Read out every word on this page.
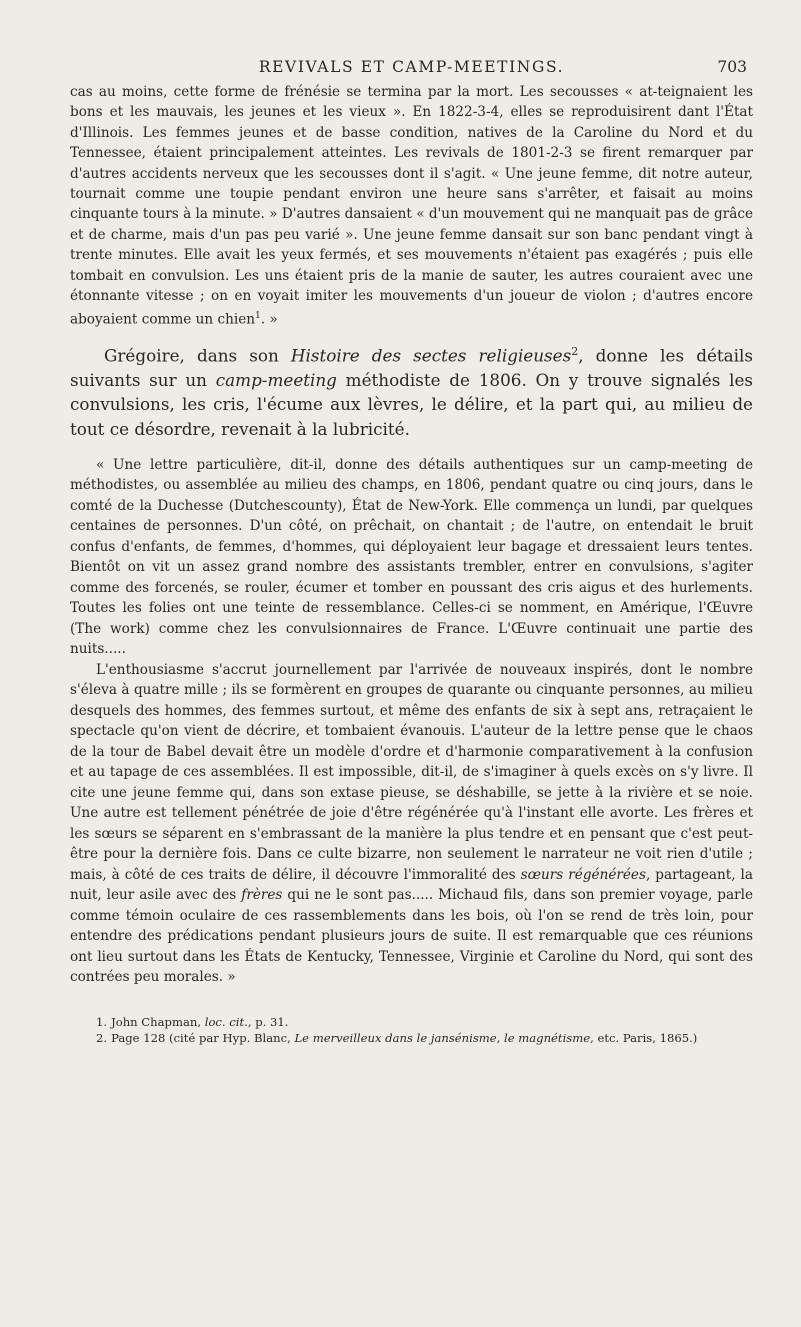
REVIVALS ET CAMP-MEETINGS.	703

cas au moins, cette forme de frénésie se termina par la mort. Les secousses « at-teignaient les bons et les mauvais, les jeunes et les vieux ». En 1822-3-4, elles se reproduisirent dant l'État d'Illinois. Les femmes jeunes et de basse condition, natives de la Caroline du Nord et du Tennessee, étaient principalement atteintes. Les revivals de 1801-2-3 se firent remarquer par d'autres accidents nerveux que les secousses dont il s'agit. « Une jeune femme, dit notre auteur, tournait comme une toupie pendant environ une heure sans s'arrêter, et faisait au moins cinquante tours à la minute. » D'autres dansaient « d'un mouvement qui ne manquait pas de grâce et de charme, mais d'un pas peu varié ». Une jeune femme dansait sur son banc pendant vingt à trente minutes. Elle avait les yeux fermés, et ses mouvements n'étaient pas exagérés ; puis elle tombait en convulsion. Les uns étaient pris de la manie de sauter, les autres couraient avec une étonnante vitesse ; on en voyait imiter les mouvements d'un joueur de violon ; d'autres encore aboyaient comme un chien$^1$. »

Grégoire, dans son Histoire des sectes religieuses$^2$, donne les détails suivants sur un camp-meeting méthodiste de 1806. On y trouve signalés les convulsions, les cris, l'écume aux lèvres, le délire, et la part qui, au milieu de tout ce désordre, revenait à la lubricité.

« Une lettre particulière, dit-il, donne des détails authentiques sur un camp-meeting de méthodistes, ou assemblée au milieu des champs, en 1806, pendant quatre ou cinq jours, dans le comté de la Duchesse (Dutchescounty), État de New-York. Elle commença un lundi, par quelques centaines de personnes. D'un côté, on prêchait, on chantait ; de l'autre, on entendait le bruit confus d'enfants, de femmes, d'hommes, qui déployaient leur bagage et dressaient leurs tentes. Bientôt on vit un assez grand nombre des assistants trembler, entrer en convulsions, s'agiter comme des forcenés, se rouler, écumer et tomber en poussant des cris aigus et des hurlements. Toutes les folies ont une teinte de ressemblance. Celles-ci se nomment, en Amérique, l'Œuvre (The work) comme chez les convulsionnaires de France. L'Œuvre continuait une partie des nuits.....

L'enthousiasme s'accrut journellement par l'arrivée de nouveaux inspirés, dont le nombre s'éleva à quatre mille ; ils se formèrent en groupes de quarante ou cinquante personnes, au milieu desquels des hommes, des femmes surtout, et même des enfants de six à sept ans, retraçaient le spectacle qu'on vient de décrire, et tombaient évanouis. L'auteur de la lettre pense que le chaos de la tour de Babel devait être un modèle d'ordre et d'harmonie comparativement à la confusion et au tapage de ces assemblées. Il est impossible, dit-il, de s'imaginer à quels excès on s'y livre. Il cite une jeune femme qui, dans son extase pieuse, se déshabille, se jette à la rivière et se noie. Une autre est tellement pénétrée de joie d'être régénérée qu'à l'instant elle avorte. Les frères et les sœurs se séparent en s'embrassant de la manière la plus tendre et en pensant que c'est peut-être pour la dernière fois. Dans ce culte bizarre, non seulement le narrateur ne voit rien d'utile ; mais, à côté de ces traits de délire, il découvre l'immoralité des sœurs régénérées, partageant, la nuit, leur asile avec des frères qui ne le sont pas..... Michaud fils, dans son premier voyage, parle comme témoin oculaire de ces rassemblements dans les bois, où l'on se rend de très loin, pour entendre des prédications pendant plusieurs jours de suite. Il est remarquable que ces réunions ont lieu surtout dans les États de Kentucky, Tennessee, Virginie et Caroline du Nord, qui sont des contrées peu morales. »

1. John Chapman, loc. cit., p. 31.

2. Page 128 (cité par Hyp. Blanc, Le merveilleux dans le jansénisme, le magnétisme, etc. Paris, 1865.)
